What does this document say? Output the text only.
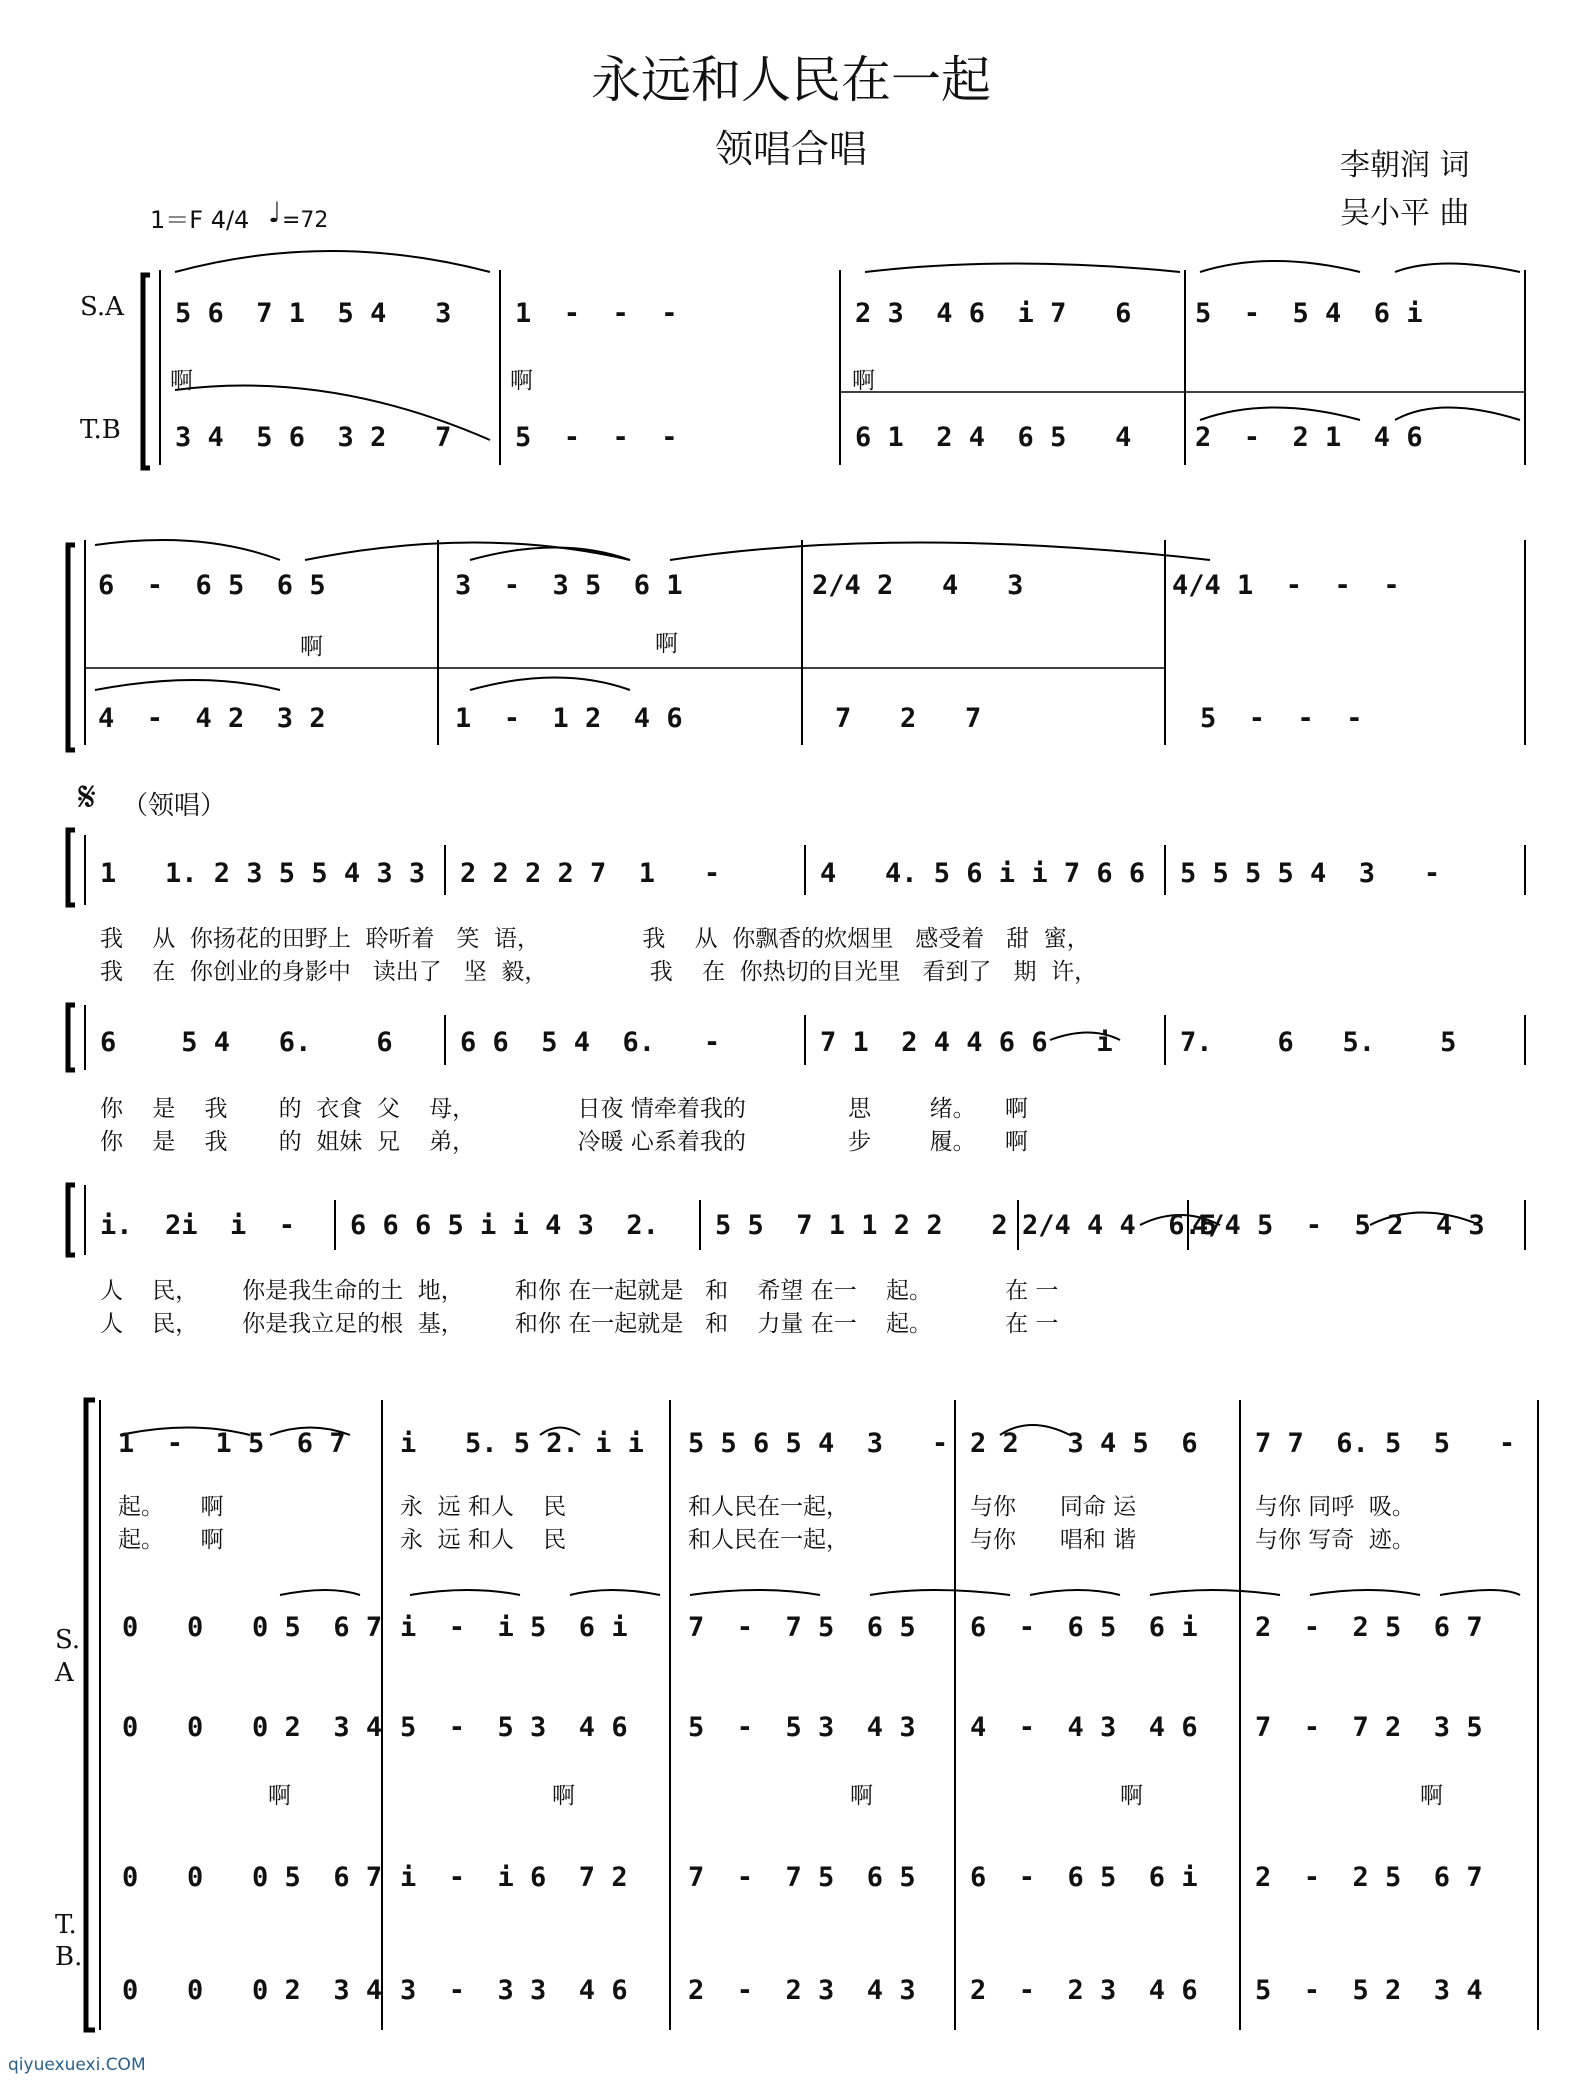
永远和人民在一起
领唱合唱	李朝润 词
吴小平 曲
1＝F 4/4 ♩ =72
S.A
T.B
5 6  7 1  5 4   3 1  -  -  -	2 3  4 6  i 7   6 5  -  5 4  6 i
啊	啊	啊
3 4  5 6  3 2   7 5  -  -  -	6 1  2 4  6 5   4 2  -  2 1  4 6
6  -  6 5  6 5	3  -  3 5  6 1	2/4 2   4   3	4/4 1  -  -  -
啊	啊
4  -  4 2  3 2	1  -  1 2  4 6	7   2   7	5  -  -  -
𝄋 （领唱）
1   1. 2 3 5 5 4 3 3 2 2 2 2 7  1   -	4   4. 5 6 i i 7 6 6 5 5 5 5 4  3   -
我    从  你扬花的田野上  聆听着   笑  语，              我    从  你飘香的炊烟里   感受着   甜  蜜，
我    在  你创业的身影中   读出了   坚  毅，              我    在  你热切的目光里   看到了   期  许，
6    5 4   6.    6 6 6  5 4  6.   -	7 1  2 4 4 6 6   i 7.    6   5.    5
你    是    我       的  衣食  父    母，              日夜 情牵着我的              思        绪。    啊
你    是    我       的  姐妹  兄    弟，              冷暖 心系着我的              步        履。    啊
i.  2i  i  - 6 6 6 5 i i 4 3  2. 5 5  7 1 1 2 2   2 2/4 4 4  6.5
4/4 5  -  5 2  4 3
人    民，      你是我生命的土  地，       和你 在一起就是   和    希望 在一    起。          在 一
人    民，      你是我立足的根  基，       和你 在一起就是   和    力量 在一    起。          在 一
1  -  1 5  6 7 i   5. 5 2. i i 5 5 6 5 4  3   - 2 2   3 4 5  6 7 7  6. 5  5   -
起。     啊	永  远 和人    民	和人民在一起，	与你      同命 运	与你 同呼  吸。
起。     啊	永  远 和人    民	和人民在一起，	与你      唱和 谐	与你 写奇  迹。
S.
A
T.
B.
0   0   0 5  6 7 i  -  i 5  6 i 7  -  7 5  6 5 6  -  6 5  6 i 2  -  2 5  6 7
0   0   0 2  3 4 5  -  5 3  4 6 5  -  5 3  4 3 4  -  4 3  4 6 7  -  7 2  3 5
啊	啊	啊	啊	啊
0   0   0 5  6 7 i  -  i 6  7 2 7  -  7 5  6 5 6  -  6 5  6 i 2  -  2 5  6 7
0   0   0 2  3 4 3  -  3 3  4 6 2  -  2 3  4 3 2  -  2 3  4 6 5  -  5 2  3 4
qiyuexuexi.COM
